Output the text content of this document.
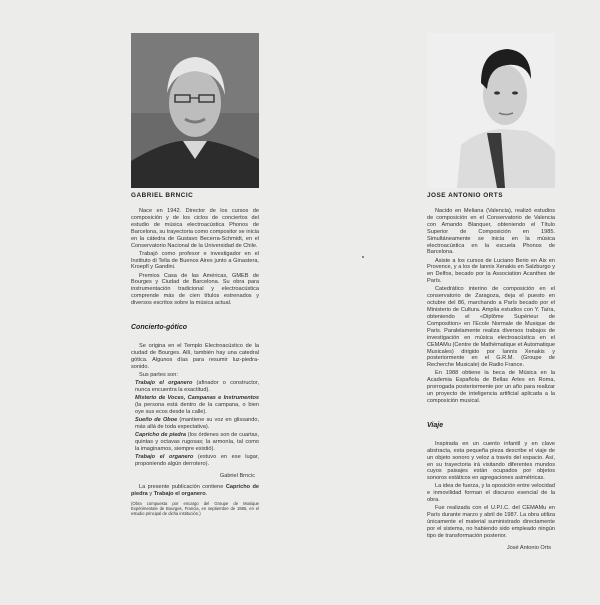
GABRIEL BRNCIC	JOSE ANTONIO ORTS

Nace en 1942. Director de los cursos de composición y de los ciclos de conciertos del estudio de música electroacústica Phonos de Barcelona, su trayectoria como compositor se inicia en la cátedra de Gustavo Becerra-Schmidt, en el Conservatorio Nacional de la Universidad de Chile.

Trabajó como profesor e investigador en el Instituto di Tella de Buenos Aires junto a Ginastera, Kroepfl y Gandini.

Premios Casa de las Américas, GMEB de Bourges y Ciudad de Barcelona. Su obra para instrumentación tradicional y electroacústica comprende más de cien títulos estrenados y diversos escritos sobre la música actual.

Concierto-gótico

Se origina en el Templo Electroacústico de la ciudad de Bourges. Allí, también hay una catedral gótica. Algunos días para resumir luz-piedra-sonido.

Sus partes son:

Trabajo el organero (afinador o constructor, nunca encuentra la exactitud).

Misterio de Voces, Campanas e Instrumentos (la persona está dentro de la campana, o bien oye sus ecos desde la calle).

Sueño de Oboe (mantiene su voz en glissando, más allá de toda expectativa).

Capricho de piedra (los órdenes son de cuartas, quintas y octavas rugosas; la armonía, tal como la imaginamos, siempre existió).

Trabajo el organero (estuvo en ese lugar, proponiendo algún derrotero).

Gabriel Brncic

La presente publicación contiene Capricho de piedra y Trabajo el organero.

(Obra compuesta por encargo del Groupe de Musique Expérimentale de Bourges, Francia, en septiembre de 1985, en el estudio principal de dicha institución.)

Nacido en Meliana (Valencia), realizó estudios de composición en el Conservatorio de Valencia con Amando Blanquer, obteniendo el Título Superior de Composición en 1985. Simultáneamente se inicia en la música electroacústica en la escuela Phonos de Barcelona.

Asiste a los cursos de Luciano Berio en Aix en Provence, y a los de Iannis Xenakis en Salzburgo y en Delfos, becado por la Association Acanthes de París.

Catedrático interino de composición en el conservatorio de Zaragoza, deja el puesto en octubre del 86, marchando a París becado por el Ministerio de Cultura. Amplía estudios con Y. Taïra, obteniendo el «Diplôme Supérieur de Composition» en l'Ecole Normale de Musique de Paris. Paralelamente realiza diversos trabajos de investigación en música electroacústica en el CEMAMu (Centre de Mathématique et Automatique Musicales) dirigido por Iannis Xenakis y posteriormente en el G.R.M. (Groupe de Recherche Musicale) de Radio France.

En 1988 obtiene la beca de Música en la Academia Española de Bellas Artes en Roma, prorrogada posteriormente por un año para realizar un proyecto de inteligencia artificial aplicada a la composición musical.

Viaje

Inspirada en un cuento infantil y en clave abstracta, esta pequeña pieza describe el viaje de un objeto sonoro y veloz a través del espacio. Así, en su trayectoria irá visitando diferentes mundos cuyos paisajes están ocupados por objetos sonoros estáticos en agregaciones asimétricas.

La idea de fuerza, y la oposición entre velocidad e inmovilidad forman el discurso esencial de la obra.

Fue realizada con el U.P.I.C. del CEMAMu en París durante marzo y abril de 1987. La obra utiliza únicamente el material suministrado directamente por el sistema, no habiendo sido empleado ningún tipo de transformación posterior.

José Antonio Orts
